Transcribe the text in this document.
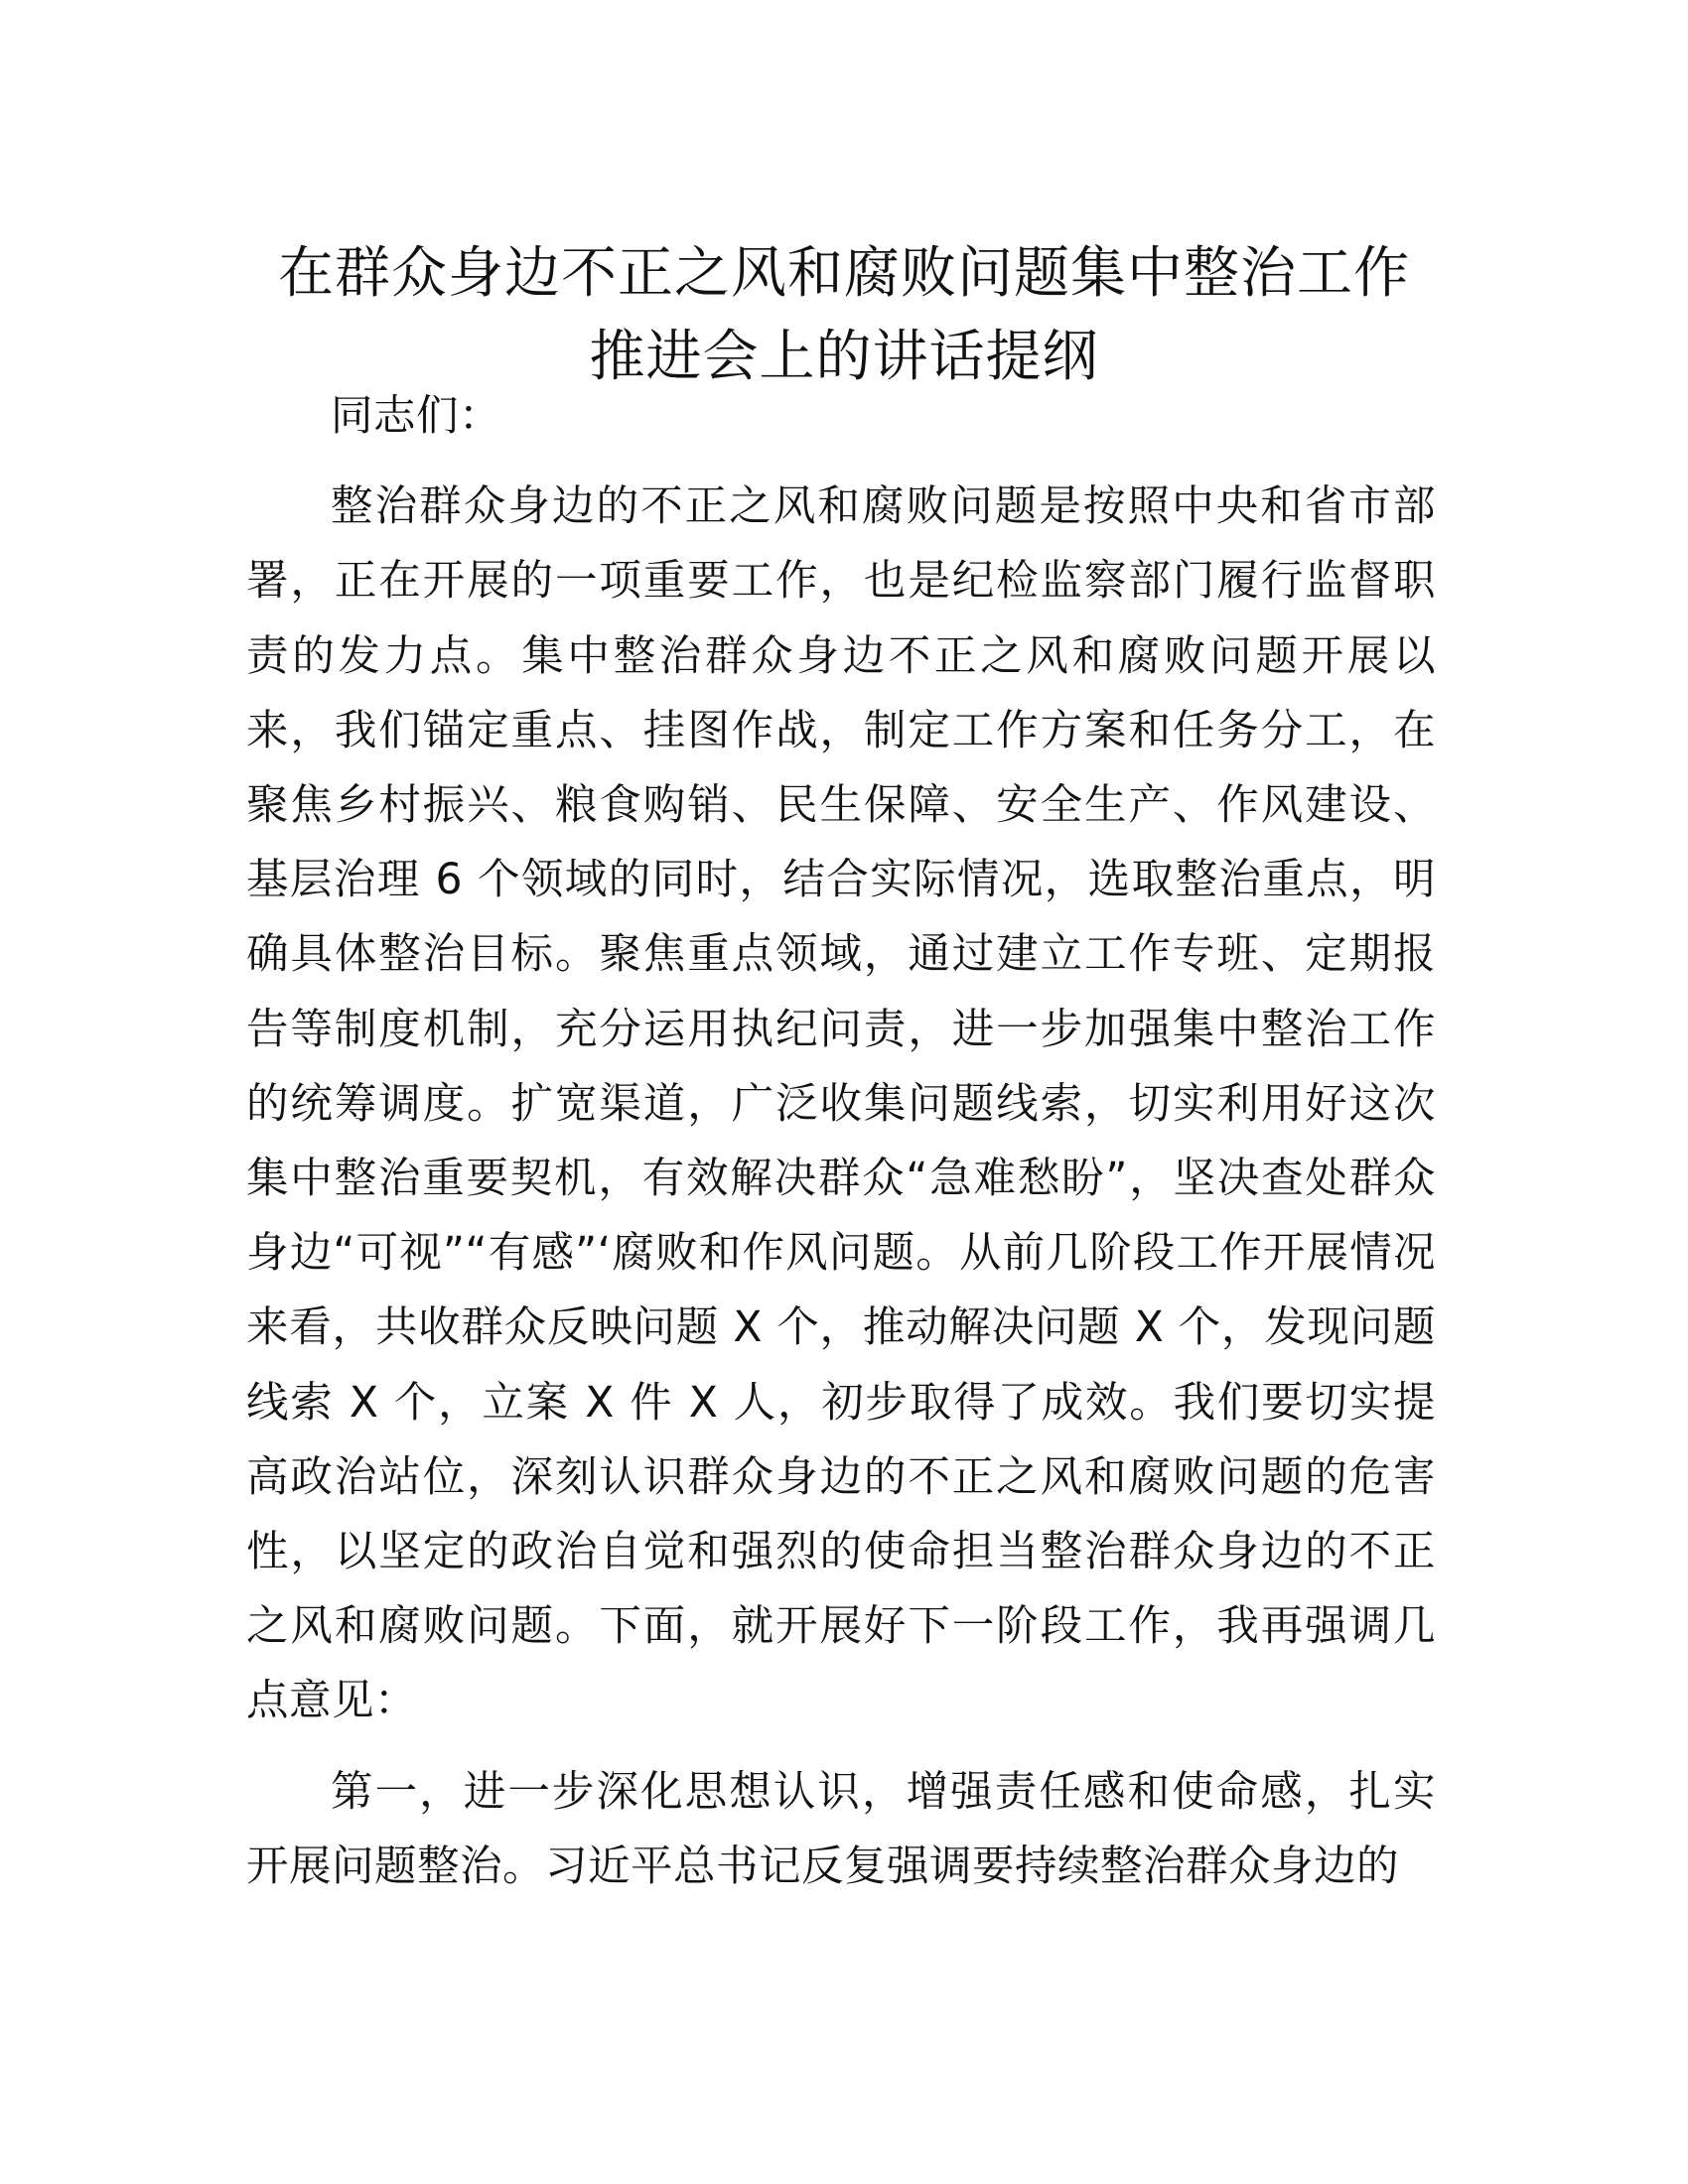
在群众身边不正之风和腐败问题集中整治工作
推进会上的讲话提纲

同志们：

整治群众身边的不正之风和腐败问题是按照中央和省市部署，正在开展的一项重要工作，也是纪检监察部门履行监督职责的发力点。集中整治群众身边不正之风和腐败问题开展以来，我们锚定重点、挂图作战，制定工作方案和任务分工，在聚焦乡村振兴、粮食购销、民生保障、安全生产、作风建设、基层治理 6 个领域的同时，结合实际情况，选取整治重点，明确具体整治目标。聚焦重点领域，通过建立工作专班、定期报告等制度机制，充分运用执纪问责，进一步加强集中整治工作的统筹调度。扩宽渠道，广泛收集问题线索，切实利用好这次集中整治重要契机，有效解决群众“急难愁盼”，坚决查处群众身边“可视”“有感”‘腐败和作风问题。从前几阶段工作开展情况来看，共收群众反映问题 X 个，推动解决问题 X 个，发现问题线索 X 个，立案 X 件 X 人，初步取得了成效。我们要切实提高政治站位，深刻认识群众身边的不正之风和腐败问题的危害性，以坚定的政治自觉和强烈的使命担当整治群众身边的不正之风和腐败问题。下面，就开展好下一阶段工作，我再强调几点意见：

第一，进一步深化思想认识，增强责任感和使命感，扎实开展问题整治。习近平总书记反复强调要持续整治群众身边的
